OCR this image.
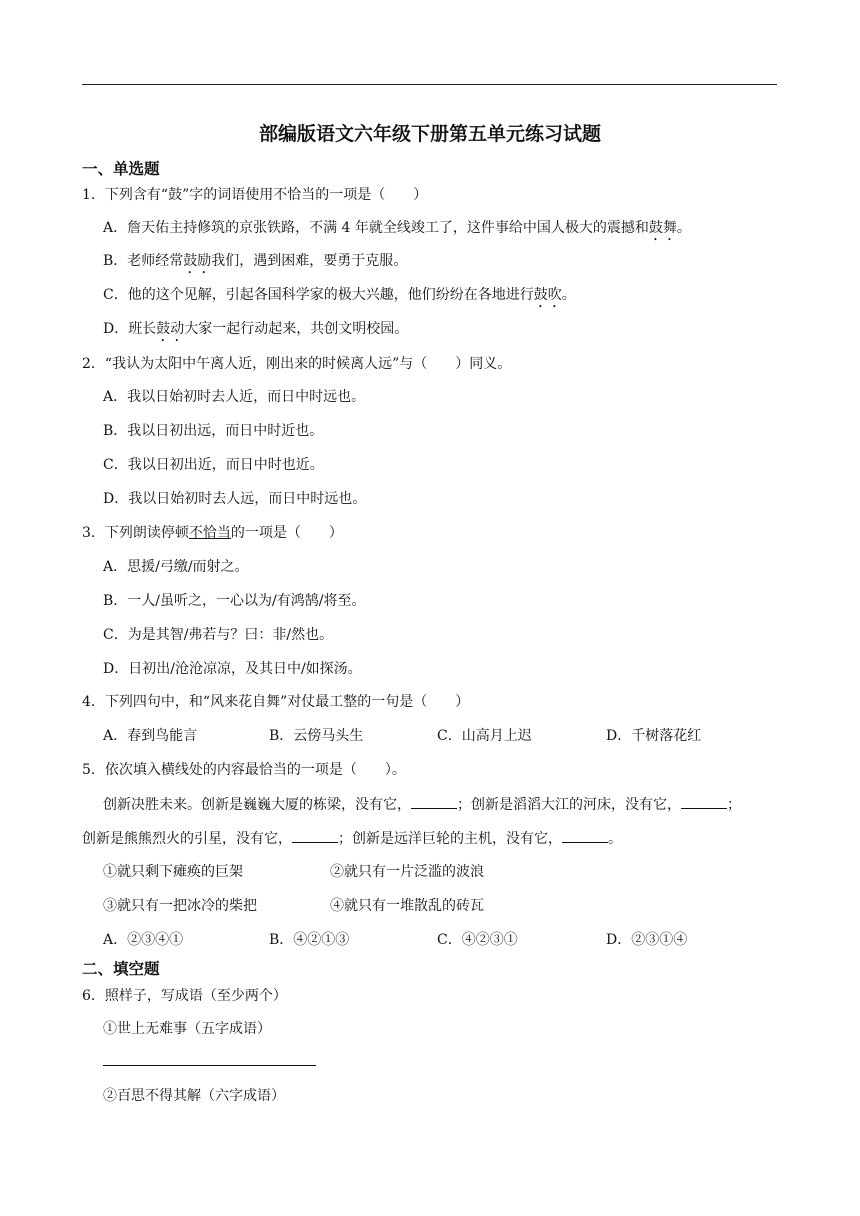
部编版语文六年级下册第五单元练习试题
一、单选题
1．下列含有“鼓”字的词语使用不恰当的一项是（　　）
A．詹天佑主持修筑的京张铁路，不满 4 年就全线竣工了，这件事给中国人极大的震撼和鼓舞。
B．老师经常鼓励我们，遇到困难，要勇于克服。
C．他的这个见解，引起各国科学家的极大兴趣，他们纷纷在各地进行鼓吹。
D．班长鼓动大家一起行动起来，共创文明校园。
2．“我认为太阳中午离人近，刚出来的时候离人远”与（　　）同义。
A．我以日始初时去人近，而日中时远也。
B．我以日初出远，而日中时近也。
C．我以日初出近，而日中时也近。
D．我以日始初时去人远，而日中时远也。
3．下列朗读停顿不恰当的一项是（　　）
A．思援/弓缴/而射之。
B．一人/虽听之，一心以为/有鸿鹄/将至。
C．为是其智/弗若与？曰：非/然也。
D．日初出/沧沧凉凉，及其日中/如探汤。
4．下列四句中，和“风来花自舞”对仗最工整的一句是（　　）
A．春到鸟能言	B．云傍马头生	C．山高月上迟	D．千树落花红
5．依次填入横线处的内容最恰当的一项是（　　）。
创新决胜未来。创新是巍巍大厦的栋梁，没有它，	；创新是滔滔大江的河床，没有它，	；
创新是熊熊烈火的引星，没有它，	；创新是远洋巨轮的主机，没有它，	。
①就只剩下瘫痪的巨架	②就只有一片泛滥的波浪
③就只有一把冰冷的柴把	④就只有一堆散乱的砖瓦
A．②③④①	B．④②①③	C．④②③①	D．②③①④
二、填空题
6．照样子，写成语（至少两个）
①世上无难事（五字成语）
②百思不得其解（六字成语）
